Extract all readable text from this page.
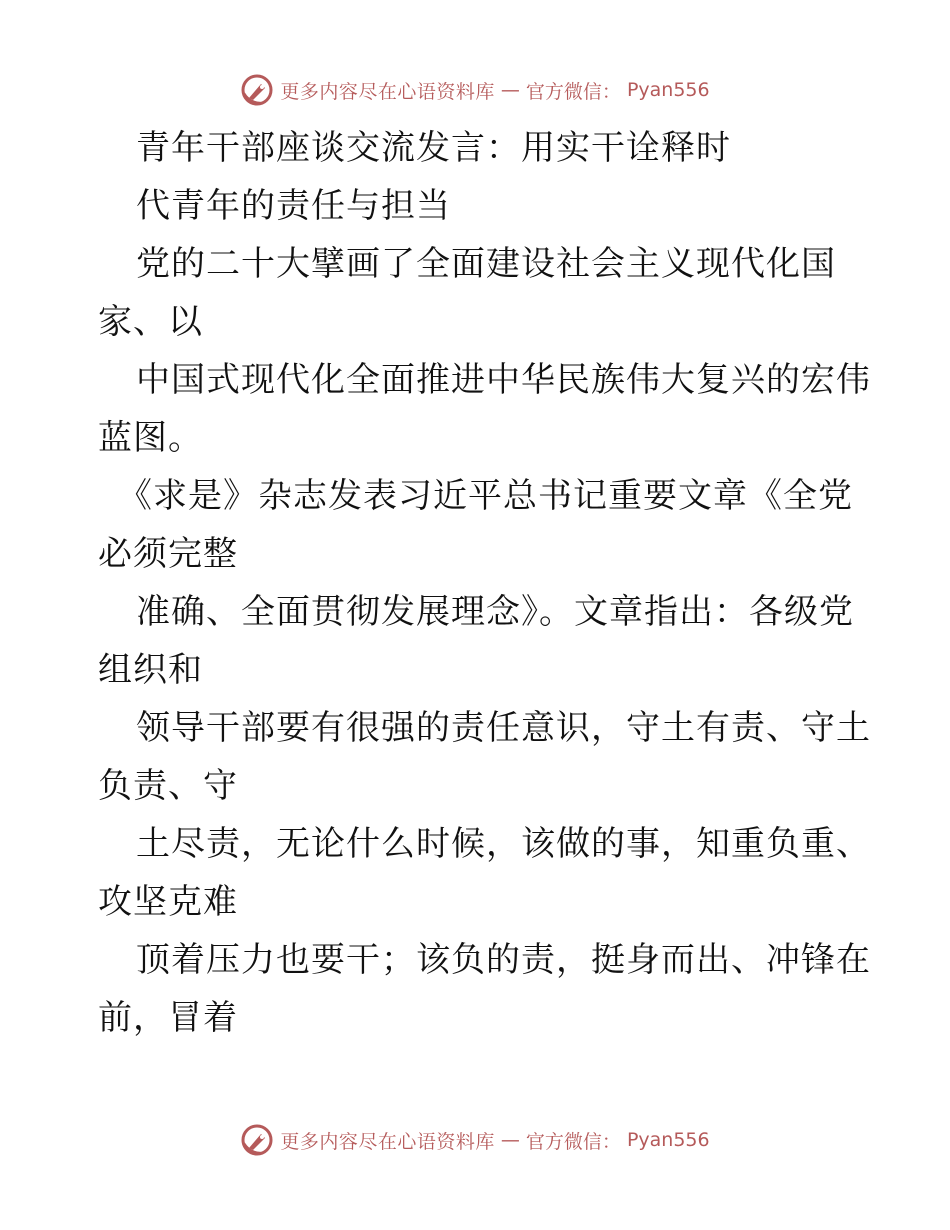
更多内容尽在心语资料库 — 官方微信： Pyan556
青年干部座谈交流发言：用实干诠释时
代青年的责任与担当
党的二十大擘画了全面建设社会主义现代化国
家、以
中国式现代化全面推进中华民族伟大复兴的宏伟
蓝图。
《求是》杂志发表习近平总书记重要文章《全党
必须完整
准确、全面贯彻发展理念》。文章指出：各级党
组织和
领导干部要有很强的责任意识，守土有责、守土
负责、守
土尽责，无论什么时候，该做的事，知重负重、
攻坚克难
顶着压力也要干；该负的责，挺身而出、冲锋在
前，冒着
更多内容尽在心语资料库 — 官方微信： Pyan556
